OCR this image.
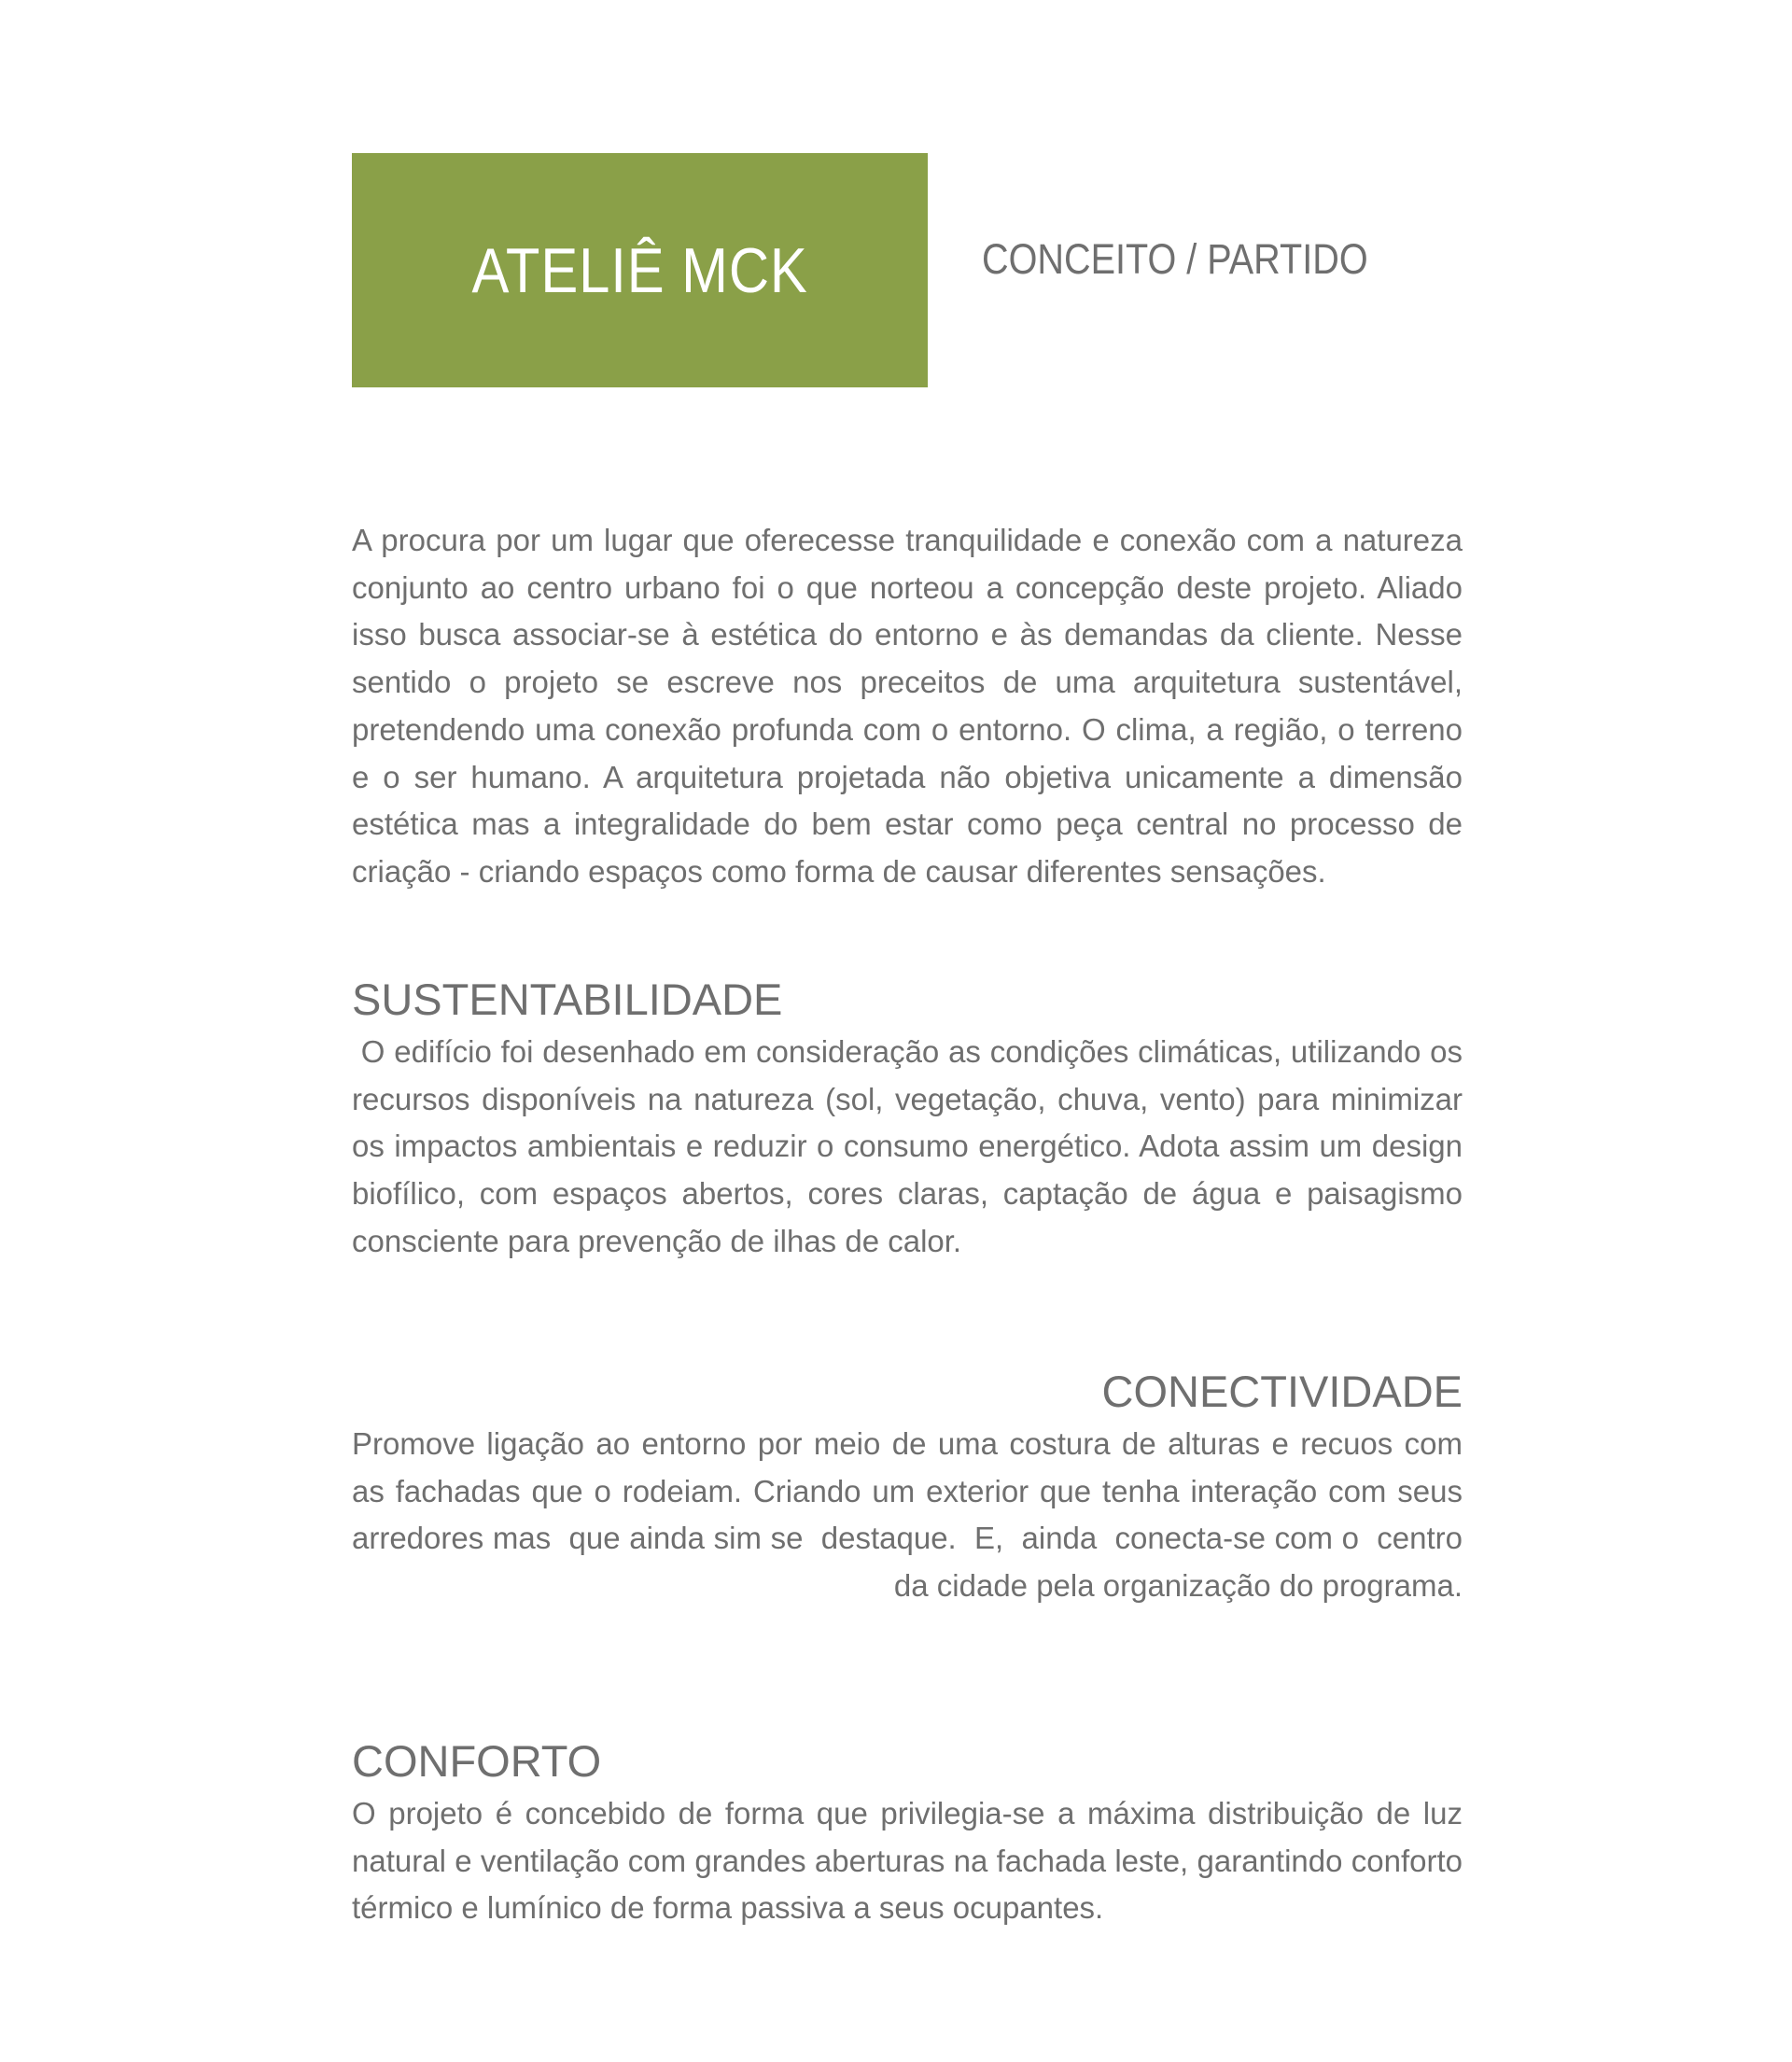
ATELIÊ MCK	CONCEITO / PARTIDO

A procura por um lugar que oferecesse tranquilidade e conexão com a natureza conjunto ao centro urbano foi o que norteou a concepção deste projeto. Aliado isso busca associar-se à estética do entorno e às demandas da cliente. Nesse sentido o projeto se escreve nos preceitos de uma arquitetura sustentável, pretendendo uma conexão profunda com o entorno. O clima, a região, o terreno e o ser humano. A arquitetura projetada não objetiva unicamente a dimensão estética mas a integralidade do bem estar como peça central no processo de criação - criando espaços como forma de causar diferentes sensações.

SUSTENTABILIDADE

O edifício foi desenhado em consideração as condições climáticas, utilizando os recursos disponíveis na natureza (sol, vegetação, chuva, vento) para minimizar os impactos ambientais e reduzir o consumo energético. Adota assim um design biofílico, com espaços abertos, cores claras, captação de água e paisagismo consciente para prevenção de ilhas de calor.

CONECTIVIDADE

Promove ligação ao entorno por meio de uma costura de alturas e recuos com as fachadas que o rodeiam. Criando um exterior que tenha interação com seus arredores mas  que ainda sim se  destaque.  E,  ainda  conecta-se com o  centro da cidade pela organização do programa.

CONFORTO

O projeto é concebido de forma que privilegia-se a máxima distribuição de luz natural e ventilação com grandes aberturas na fachada leste, garantindo conforto térmico e lumínico de forma passiva a seus ocupantes.
